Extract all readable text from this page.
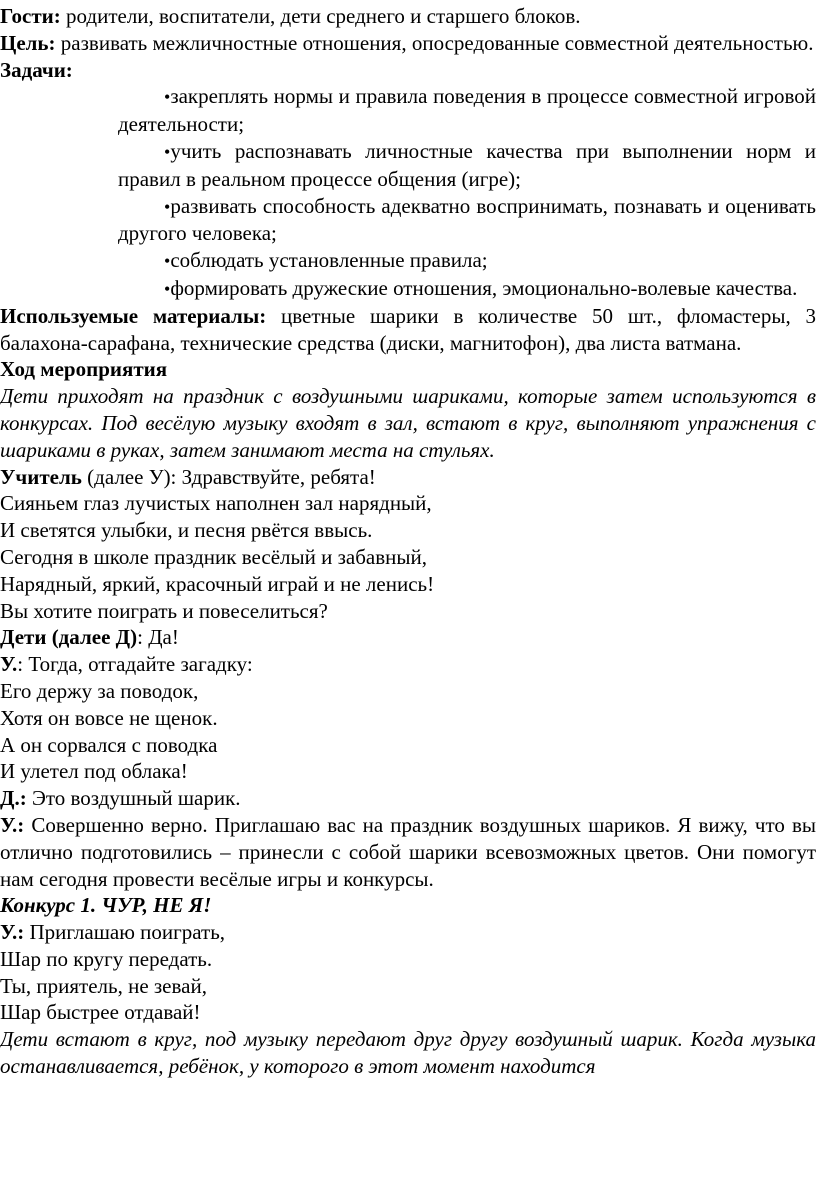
Гости: родители, воспитатели, дети среднего и старшего блоков.

Цель: развивать межличностные отношения, опосредованные совместной деятельностью.

Задачи:

•закреплять нормы и правила поведения в процессе совместной игровой деятельности;

•учить распознавать личностные качества при выполнении норм и правил в реальном процессе общения (игре);

•развивать способность адекватно воспринимать, познавать и оценивать другого человека;

•соблюдать установленные правила;

•формировать дружеские отношения, эмоционально-волевые качества.

Используемые материалы: цветные шарики в количестве 50 шт., фломастеры, 3 балахона-сарафана, технические средства (диски, магнитофон), два листа ватмана.

Ход мероприятия

Дети приходят на праздник с воздушными шариками, которые затем используются в конкурсах. Под весёлую музыку входят в зал, встают в круг, выполняют упражнения с шариками в руках, затем занимают места на стульях.

Учитель (далее У): Здравствуйте, ребята!

Сияньем глаз лучистых наполнен зал нарядный,

И светятся улыбки, и песня рвётся ввысь.

Сегодня в школе праздник весёлый и забавный,

Нарядный, яркий, красочный играй и не ленись!

Вы хотите поиграть и повеселиться?

Дети (далее Д): Да!

У.: Тогда, отгадайте загадку:

Его держу за поводок,

Хотя он вовсе не щенок.

А он сорвался с поводка

И улетел под облака!

Д.: Это воздушный шарик.

У.: Совершенно верно. Приглашаю вас на праздник воздушных шариков. Я вижу, что вы отлично подготовились – принесли с собой шарики всевозможных цветов. Они помогут нам сегодня провести весёлые игры и конкурсы.

Конкурс 1. ЧУР, НЕ Я!

У.: Приглашаю поиграть,

Шар по кругу передать.

Ты, приятель, не зевай,

Шар быстрее отдавай!

Дети встают в круг, под музыку передают друг другу воздушный шарик. Когда музыка останавливается, ребёнок, у которого в этот момент находится
